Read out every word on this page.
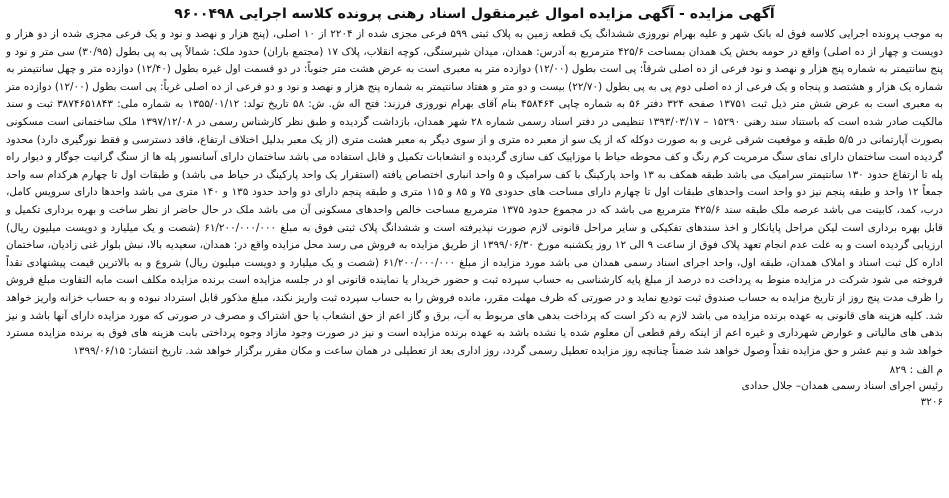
آگهی مزایده - آگهی مزایده اموال غیرمنقول اسناد رهنی پرونده کلاسه اجرایی ۹۶۰۰۴۹۸

به موجب پرونده اجرایی کلاسه فوق له بانک شهر و علیه بهرام نوروزی ششدانگ یک قطعه زمین به پلاک ثبتی ۵۹۹ فرعی مجزی شده از ۲۲۰۴ از ۱۰ اصلی، (پنج هزار و نهصد و نود و یک فرعی مجزی شده از دو هزار و دویست و چهار از ده اصلی) واقع در حومه بخش یک همدان بمساحت ۴۲۵/۶ مترمربع به آدرس: همدان، میدان شیرسنگی، کوچه انقلاب، پلاک ۱۷ (مجتمع باران) حدود ملک: شمالاً پی به پی بطول (۳۰/۹۵) سی متر و نود و پنج سانتیمتر به شماره پنج هزار و نهصد و نود فرعی از ده اصلی شرقاً: پی است بطول (۱۲/۰۰) دوازده متر به معبری است به عرض هشت متر جنوباً: در دو قسمت اول غیره بطول (۱۲/۴۰) دوازده متر و چهل سانتیمتر به شماره یک هزار و هشتصد و پنجاه و یک فرعی از ده اصلی دوم پی به پی بطول (۲۲/۷۰) بیست و دو متر و هفتاد سانتیمتر به شماره پنج هزار و نهصد و نود و دو فرعی از ده اصلی غرباً: پی است بطول (۱۲/۰۰) دوازده متر به معبری است به عرض شش متر ذیل ثبت ۱۳۷۵۱ صفحه ۳۲۴ دفتر ۵۶ به شماره چاپی ۴۵۸۴۶۴ بنام آقای بهرام نوروزی فرزند: فتح اله ش. ش: ۵۸ تاریخ تولد: ۱۳۵۵/۰۱/۱۲ به شماره ملی: ۳۸۷۴۶۵۱۸۴۳ ثبت و سند مالکیت صادر شده است که باستناد سند رهنی ۱۵۲۹۰ – ۱۳۹۳/۰۳/۱۷ تنظیمی در دفتر اسناد رسمی شماره ۲۸ شهر همدان، بازداشت گردیده و طبق نظر کارشناس رسمی در ۱۳۹۷/۱۲/۰۸ ملک ساختمانی است مسکونی بصورت آپارتمانی در ۵/۵ طبقه و موقعیت شرقی غربی و به صورت دوکله که از یک سو از معبر ده متری و از سوی دیگر به معبر هشت متری (از یک معبر بدلیل اختلاف ارتفاع، فاقد دسترسی و فقط نورگیری دارد) محدود گردیده است ساختمان دارای نمای سنگ مرمریت کرم رنگ و کف محوطه حیاط با موزاییک کف سازی گردیده و انشعابات تکمیل و قابل استفاده می باشد ساختمان دارای آسانسور پله ها از سنگ گرانیت جوگار و دیوار راه پله تا ارتفاع حدود ۱۳۰ سانتیمتر سرامیک می باشد طبقه همکف به ۱۳ واحد پارکینگ با کف سرامیک و ۵ واحد انباری اختصاص یافته (استقرار یک واحد پارکینگ در حیاط می باشد) و طبقات اول تا چهارم هرکدام سه واحد جمعاً ۱۲ واحد و طبقه پنجم نیز دو واحد است واحدهای طبقات اول تا چهارم دارای مساحت های حدودی ۷۵ و ۸۵ و ۱۱۵ متری و طبقه پنجم دارای دو واحد حدود ۱۳۵ و ۱۴۰ متری می باشد واحدها دارای سرویس کامل، درب، کمد، کابینت می باشد عرصه ملک طبقه سند ۴۲۵/۶ مترمربع می باشد که در مجموع حدود ۱۳۷۵ مترمربع مساحت خالص واحدهای مسکونی آن می باشد ملک در حال حاضر از نظر ساخت و بهره برداری تکمیل و قابل بهره برداری است لیکن مراحل پایانکار و اخذ سندهای تفکیکی و سایر مراحل قانونی لازم صورت نپذیرفته است و ششدانگ پلاک ثبتی فوق به مبلغ ۶۱/۲۰۰/۰۰۰/۰۰۰ (شصت و یک میلیارد و دویست میلیون ریال) ارزیابی گردیده است و به علت عدم انجام تعهد پلاک فوق از ساعت ۹ الی ۱۲ روز یکشنبه مورخ ۱۳۹۹/۰۶/۳۰ از طریق مزایده به فروش می رسد محل مزایده واقع در: همدان، سعیدیه بالا، نبش بلوار غنی زادیان، ساختمان اداره کل ثبت اسناد و املاک همدان، طبقه اول، واحد اجرای اسناد رسمی همدان می باشد مورد مزایده از مبلغ ۶۱/۲۰۰/۰۰۰/۰۰۰ (شصت و یک میلیارد و دویست میلیون ریال) شروع و به بالاترین قیمت پیشنهادی نقداً فروخته می شود شرکت در مزایده منوط به پرداخت ده درصد از مبلغ پایه کارشناسی به حساب سپرده ثبت و حضور خریدار یا نماینده قانونی او در جلسه مزایده است برنده مزایده مکلف است مابه التفاوت مبلغ فروش را ظرف مدت پنج روز از تاریخ مزایده به حساب صندوق ثبت تودیع نماید و در صورتی که ظرف مهلت مقرر، مانده فروش را به حساب سپرده ثبت واریز نکند، مبلغ مذکور قابل استرداد نبوده و به حساب خزانه واریز خواهد شد. کلیه هزینه های قانونی به عهده برنده مزایده می باشد لازم به ذکر است که پرداخت بدهی های مربوط به آب، برق و گاز اعم از حق انشعاب یا حق اشتراک و مصرف در صورتی که مورد مزایده دارای آنها باشد و نیز بدهی های مالیاتی و عوارض شهرداری و غیره اعم از اینکه رقم قطعی آن معلوم شده یا نشده باشد به عهده برنده مزایده است و نیز در صورت وجود مازاد وجوه پرداختی بابت هزینه های فوق به برنده مزایده مسترد خواهد شد و نیم عشر و حق مزایده نقداً وصول خواهد شد ضمناً چنانچه روز مزایده تعطیل رسمی گردد، روز اداری بعد از تعطیلی در همان ساعت و مکان مقرر برگزار خواهد شد. تاریخ انتشار: ۱۳۹۹/۰۶/۱۵

م الف : ۸۲۹
رئیس اجرای اسناد رسمی همدان– جلال حدادی
۳۲۰۶
